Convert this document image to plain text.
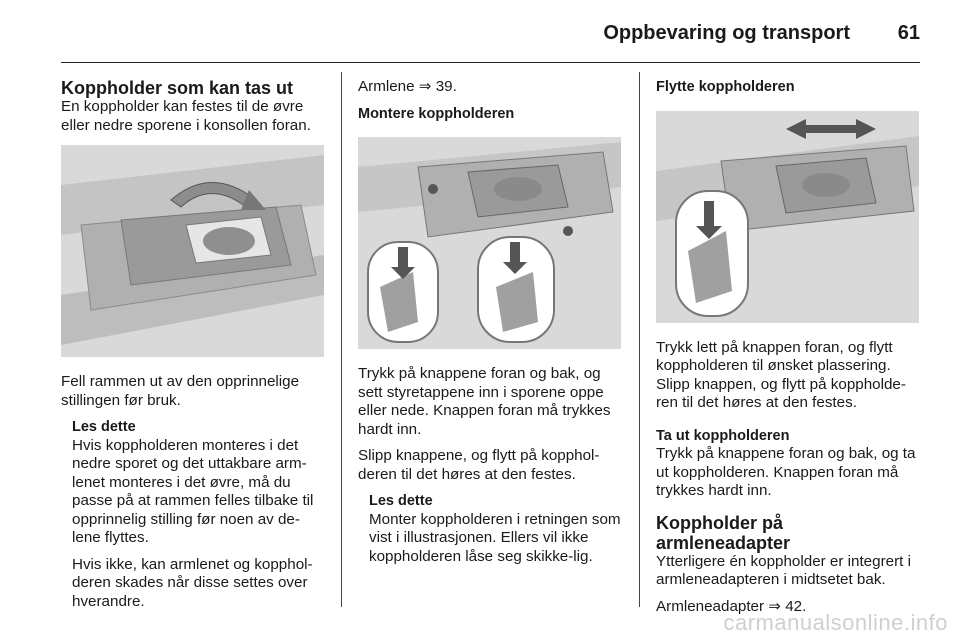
Oppbevaring og transport 61
Koppholder som kan tas ut

En koppholder kan festes til de øvre eller nedre sporene i konsollen foran.

Fell rammen ut av den opprinnelige stillingen før bruk.

Les dette

Hvis koppholderen monteres i det nedre sporet og det uttakbare arm-lenet monteres i det øvre, må du passe på at rammen felles tilbake til opprinnelig stilling før noen av de-lene flyttes.

Hvis ikke, kan armlenet og kopphol-deren skades når disse settes over hverandre.

Armlene ⇒ 39.

Montere koppholderen

Trykk på knappene foran og bak, og sett styretappene inn i sporene oppe eller nede. Knappen foran må trykkes hardt inn.

Slipp knappene, og flytt på kopphol-deren til det høres at den festes.

Les dette

Monter koppholderen i retningen som vist i illustrasjonen. Ellers vil ikke koppholderen låse seg skikke-lig.

Flytte koppholderen

Trykk lett på knappen foran, og flytt koppholderen til ønsket plassering. Slipp knappen, og flytt på koppholde-ren til det høres at den festes.

Ta ut koppholderen

Trykk på knappene foran og bak, og ta ut koppholderen. Knappen foran må trykkes hardt inn.

Koppholder på armleneadapter

Ytterligere én koppholder er integrert i armleneadapteren i midtsetet bak.

Armleneadapter ⇒ 42.

carmanualsonline.info
